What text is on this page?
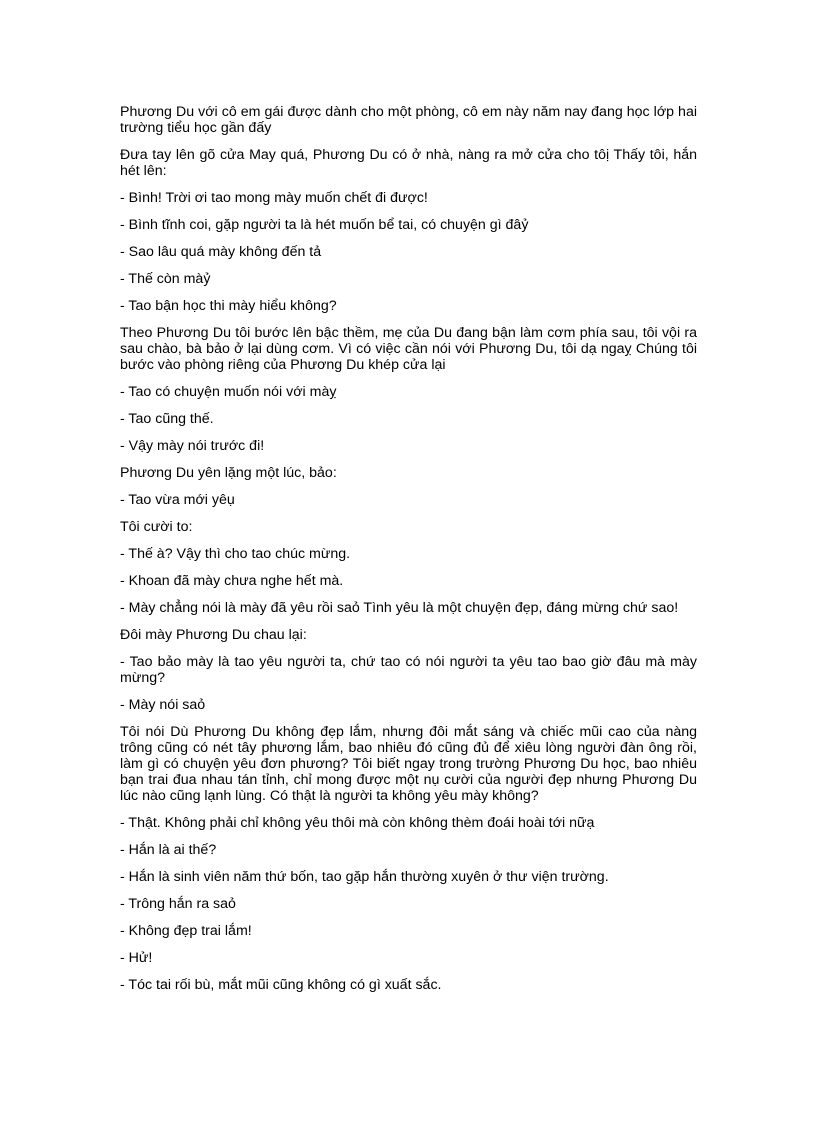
Phương Du với cô em gái được dành cho một phòng, cô em này năm nay đang học lớp hai trường tiểu học gần đấy

Đưa tay lên gõ cửa May quá, Phương Du có ở nhà, nàng ra mở cửa cho tôị Thấy tôi, hắn hét lên:

- Bình! Trời ơi tao mong mày muốn chết đi được!

- Bình tĩnh coi, gặp người ta là hét muốn bể tai, có chuyện gì đâỷ

- Sao lâu quá mày không đến tả

- Thế còn màỷ

- Tao bận học thi mày hiểu không?

Theo Phương Du tôi bước lên bậc thềm, mẹ của Du đang bận làm cơm phía sau, tôi vội ra sau chào, bà bảo ở lại dùng cơm. Vì có việc cần nói với Phương Du, tôi dạ ngaỵ Chúng tôi bước vào phòng riêng của Phương Du khép cửa lại

- Tao có chuyện muốn nói với màỵ

- Tao cũng thế.

- Vậy mày nói trước đi!

Phương Du yên lặng một lúc, bảo:

- Tao vừa mới yêụ

Tôi cười to:

- Thế à? Vậy thì cho tao chúc mừng.

- Khoan đã mày chưa nghe hết mà.

- Mày chẳng nói là mày đã yêu rồi saỏ Tình yêu là một chuyện đẹp, đáng mừng chứ sao!

Đôi mày Phương Du chau lại:

- Tao bảo mày là tao yêu người ta, chứ tao có nói người ta yêu tao bao giờ đâu mà mày mừng?

- Mày nói saỏ

Tôi nói Dù Phương Du không đẹp lắm, nhưng đôi mắt sáng và chiếc mũi cao của nàng trông cũng có nét tây phương lắm, bao nhiêu đó cũng đủ để xiêu lòng người đàn ông rồi, làm gì có chuyện yêu đơn phương? Tôi biết ngay trong trường Phương Du học, bao nhiêu bạn trai đua nhau tán tỉnh, chỉ mong được một nụ cười của người đẹp nhưng Phương Du lúc nào cũng lạnh lùng. Có thật là người ta không yêu mày không?

- Thật. Không phải chỉ không yêu thôi mà còn không thèm đoái hoài tới nữạ

- Hắn là ai thế?

- Hắn là sinh viên năm thứ bốn, tao gặp hắn thường xuyên ở thư viện trường.

- Trông hắn ra saỏ

- Không đẹp trai lắm!

- Hử!

- Tóc tai rối bù, mắt mũi cũng không có gì xuất sắc.
